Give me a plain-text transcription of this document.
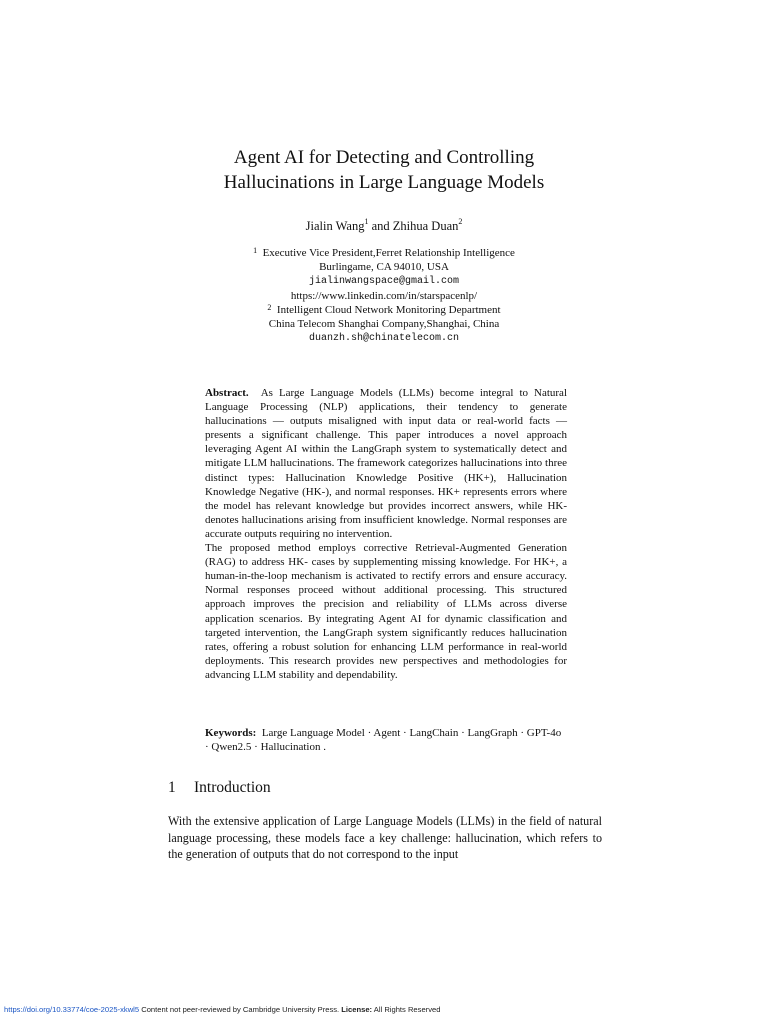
Agent AI for Detecting and Controlling
Hallucinations in Large Language Models
Jialin Wang$^1$ and Zhihua Duan$^2$
$^1$ Executive Vice President,Ferret Relationship Intelligence
Burlingame, CA 94010, USA
jialinwangspace@gmail.com
https://www.linkedin.com/in/starspacenlp/
$^2$ Intelligent Cloud Network Monitoring Department
China Telecom Shanghai Company,Shanghai, China
duanzh.sh@chinatelecom.cn

Abstract. As Large Language Models (LLMs) become integral to Natural Language Processing (NLP) applications, their tendency to generate hallucinations — outputs misaligned with input data or real-world facts — presents a significant challenge. This paper introduces a novel approach leveraging Agent AI within the LangGraph system to systematically detect and mitigate LLM hallucinations. The framework categorizes hallucinations into three distinct types: Hallucination Knowledge Positive (HK+), Hallucination Knowledge Negative (HK-), and normal responses. HK+ represents errors where the model has relevant knowledge but provides incorrect answers, while HK- denotes hallucinations arising from insufficient knowledge. Normal responses are accurate outputs requiring no intervention.

The proposed method employs corrective Retrieval-Augmented Generation (RAG) to address HK- cases by supplementing missing knowledge. For HK+, a human-in-the-loop mechanism is activated to rectify errors and ensure accuracy. Normal responses proceed without additional processing. This structured approach improves the precision and reliability of LLMs across diverse application scenarios. By integrating Agent AI for dynamic classification and targeted intervention, the LangGraph system significantly reduces hallucination rates, offering a robust solution for enhancing LLM performance in real-world deployments. This research provides new perspectives and methodologies for advancing LLM stability and dependability.

Keywords: Large Language Model · Agent · LangChain · LangGraph · GPT-4o · Qwen2.5 · Hallucination .
1 Introduction

With the extensive application of Large Language Models (LLMs) in the field of natural language processing, these models face a key challenge: hallucination, which refers to the generation of outputs that do not correspond to the input

https://doi.org/10.33774/coe-2025-xkwl5 Content not peer-reviewed by Cambridge University Press. License: All Rights Reserved
